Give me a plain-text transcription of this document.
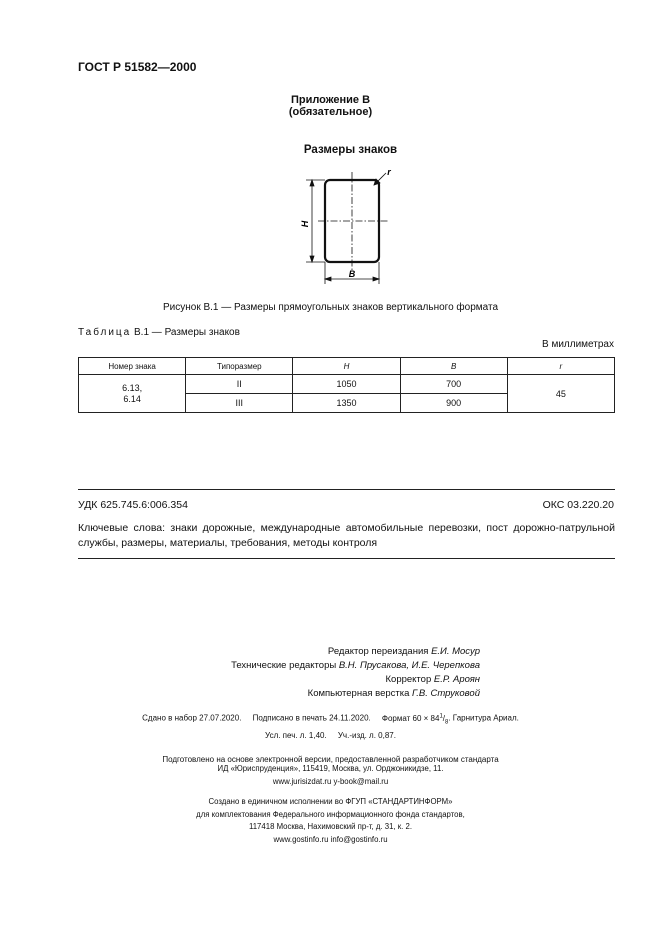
ГОСТ Р 51582—2000
Приложение В
(обязательное)
Размеры знаков
H
B
r
Рисунок В.1 — Размеры прямоугольных знаков вертикального формата
Таблица В.1 — Размеры знаков
В миллиметрах
Номер знака	Типоразмер	H	B	r

6.13,
6.14	II	1050	700	45
	III	1350	900	
УДК 625.745.6:006.354	ОКС 03.220.20
Ключевые слова: знаки дорожные, международные автомобильные перевозки, пост дорожно-патрульной службы, размеры, материалы, требования, методы контроля
Редактор переиздания Е.И. Мосур
Технические редакторы В.Н. Прусакова, И.Е. Черепкова
Корректор Е.Р. Ароян
Компьютерная верстка Г.В. Струковой
Сдано в набор 27.07.2020. Подписано в печать 24.11.2020. Формат $60 \times 84^1/_8$. Гарнитура Ариал.
Усл. печ. л. 1,40. Уч.-изд. л. 0,87.
Подготовлено на основе электронной версии, предоставленной разработчиком стандарта
ИД «Юриспруденция», 115419, Москва, ул. Орджоникидзе, 11.
www.jurisizdat.ru y-book@mail.ru
Создано в единичном исполнении во ФГУП «СТАНДАРТИНФОРМ»
для комплектования Федерального информационного фонда стандартов,
117418 Москва, Нахимовский пр-т, д. 31, к. 2.
www.gostinfo.ru info@gostinfo.ru
